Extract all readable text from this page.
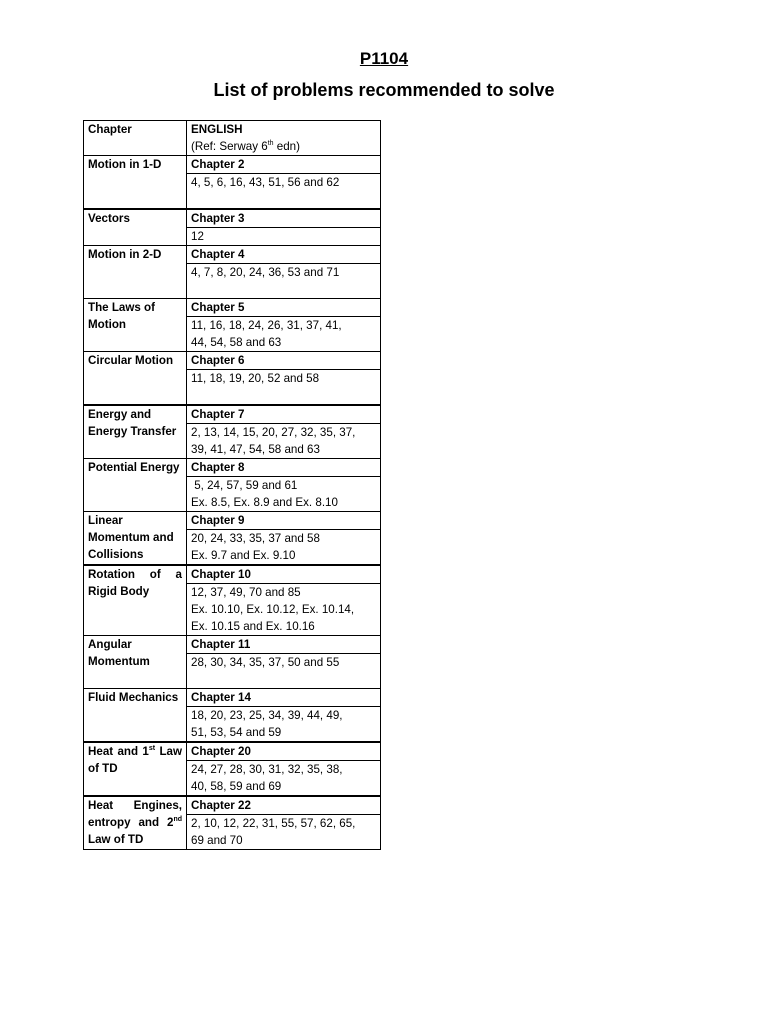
P1104
List of problems recommended to solve
Chapter	ENGLISH
(Ref: Serway 6th edn)

Motion in 1-D	Chapter 2

	4, 5, 6, 16, 43, 51, 56 and 62

Vectors	Chapter 3

	12

Motion in 2-D	Chapter 4

	4, 7, 8, 20, 24, 36, 53 and 71

The Laws of Motion	Chapter 5

	11, 16, 18, 24, 26, 31, 37, 41,
44, 54, 58 and 63

Circular Motion	Chapter 6

	11, 18, 19, 20, 52 and 58

Energy and Energy Transfer	Chapter 7

	2, 13, 14, 15, 20, 27, 32, 35, 37,
39, 41, 47, 54, 58 and 63

Potential Energy	Chapter 8

	5, 24, 57, 59 and 61
Ex. 8.5, Ex. 8.9 and Ex. 8.10

Linear Momentum and Collisions	Chapter 9

	20, 24, 33, 35, 37 and 58
Ex. 9.7 and Ex. 9.10

Rotation of a Rigid Body	Chapter 10

	12, 37, 49, 70 and 85
Ex. 10.10, Ex. 10.12, Ex. 10.14,
Ex. 10.15 and Ex. 10.16

Angular Momentum	Chapter 11

	28, 30, 34, 35, 37, 50 and 55

Fluid Mechanics	Chapter 14

	18, 20, 23, 25, 34, 39, 44, 49,
51, 53, 54 and 59

Heat and 1st Law of TD	Chapter 20

	24, 27, 28, 30, 31, 32, 35, 38,
40, 58, 59 and 69

Heat Engines, entropy and 2nd Law of TD	Chapter 22

	2, 10, 12, 22, 31, 55, 57, 62, 65,
69 and 70
